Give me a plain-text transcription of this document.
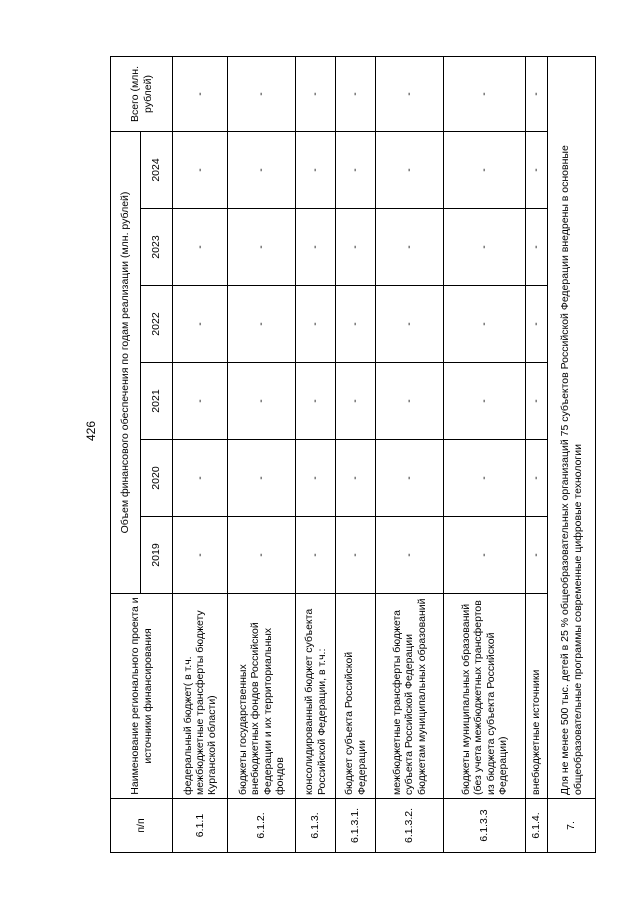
426
п/п	Наименование регионального проекта и источники финансирования	Объем финансового обеспечения по годам реализации (млн. рублей)						Всего (млн. рублей)
		2019	2020	2021	2022	2023	2024	
6.1.1	федеральный бюджет( в т.ч. межбюджетные трансферты бюджету Курганской области)	-	-	-	-	-	-	-
6.1.2.	бюджеты государственных внебюджетных фондов Российской Федерации и их территориальных фондов	-	-	-	-	-	-	-
6.1.3.	консолидированный бюджет субъекта Российской Федерации, в т.ч.:	-	-	-	-	-	-	-
6.1.3.1.	бюджет субъекта Российской Федерации	-	-	-	-	-	-	-
6.1.3.2.	межбюджетные трансферты бюджета субъекта Российской Федерации бюджетам муниципальных образований	-	-	-	-	-	-	-
6.1.3.3	бюджеты муниципальных образований (без учета межбюджетных трансфертов из бюджета субъекта Российской Федерации)	-	-	-	-	-	-	-
6.1.4.	внебюджетные источники	-	-	-	-	-	-	-
7.	Для не менее 500 тыс. детей в 25 % общеобразовательных организаций 75 субъектов Российской Федерации внедрены в основные общеобразовательные программы современные цифровые технологии							
